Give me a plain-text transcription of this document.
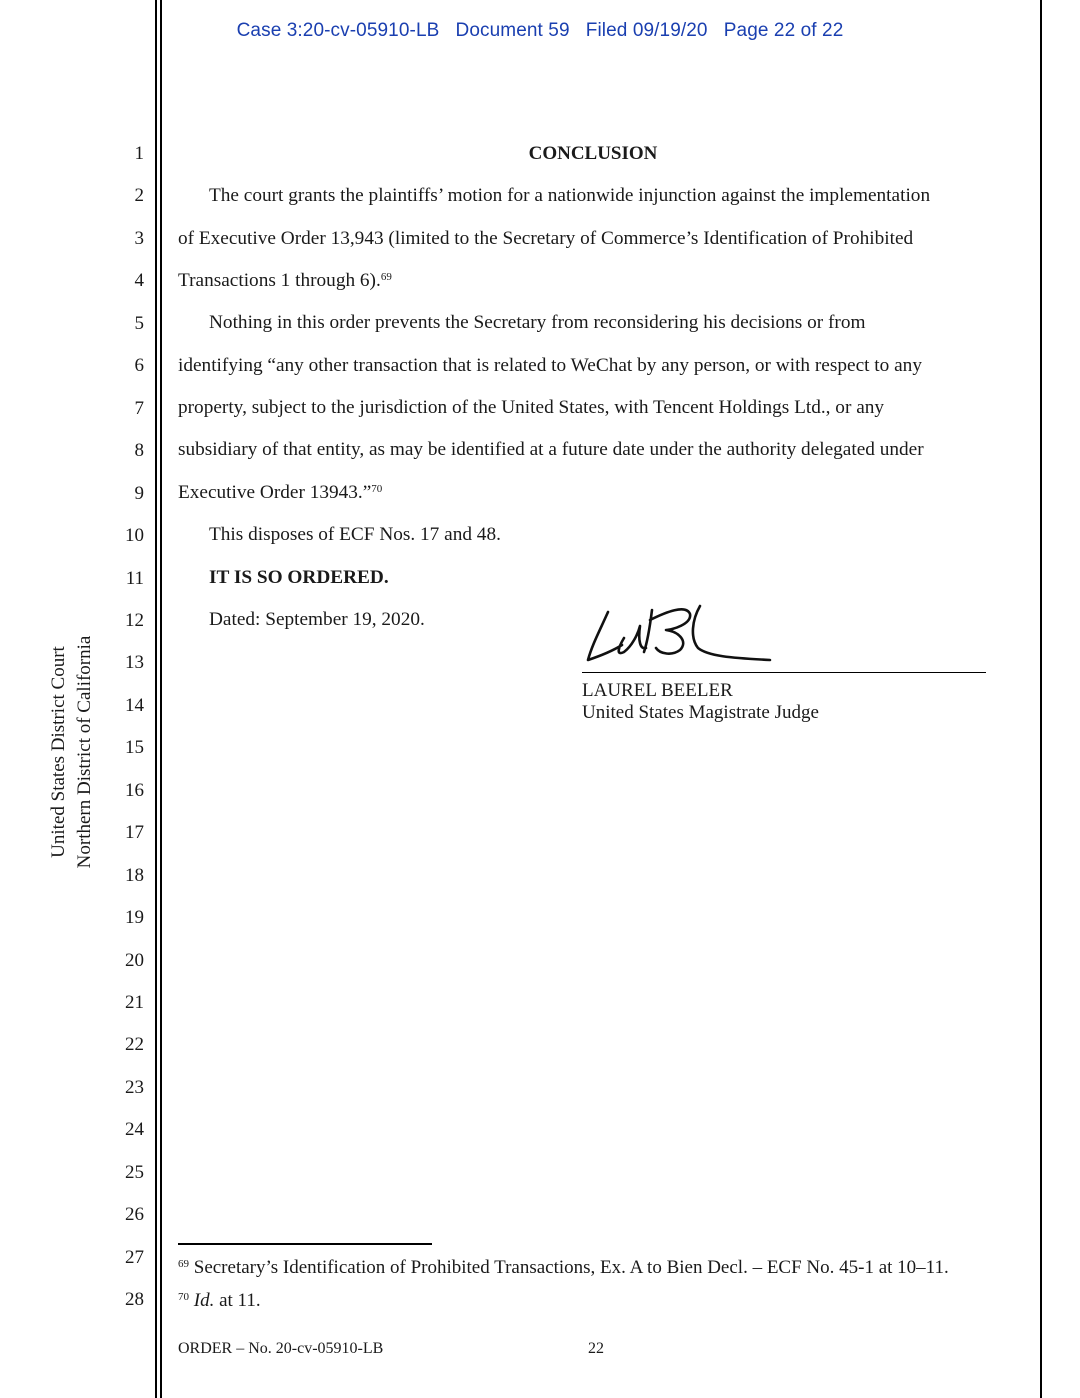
Case 3:20-cv-05910-LB Document 59 Filed 09/19/20 Page 22 of 22
United States District Court Northern District of California
1
2
3
4
5
6
7
8
9
10
11
12
13
14
15
16
17
18
19
20
21
22
23
24
25
26
27
28
CONCLUSION
The court grants the plaintiffs’ motion for a nationwide injunction against the implementation
of Executive Order 13,943 (limited to the Secretary of Commerce’s Identification of Prohibited
Transactions 1 through 6).$^{69}$
Nothing in this order prevents the Secretary from reconsidering his decisions or from
identifying “any other transaction that is related to WeChat by any person, or with respect to any
property, subject to the jurisdiction of the United States, with Tencent Holdings Ltd., or any
subsidiary of that entity, as may be identified at a future date under the authority delegated under
Executive Order 13943.”$^{70}$
This disposes of ECF Nos. 17 and 48.
IT IS SO ORDERED.
Dated: September 19, 2020.
LAUREL BEELER
United States Magistrate Judge
$^{69}$ Secretary’s Identification of Prohibited Transactions, Ex. A to Bien Decl. – ECF No. 45-1 at 10–11.
$^{70}$ Id. at 11.
ORDER – No. 20-cv-05910-LB	22
